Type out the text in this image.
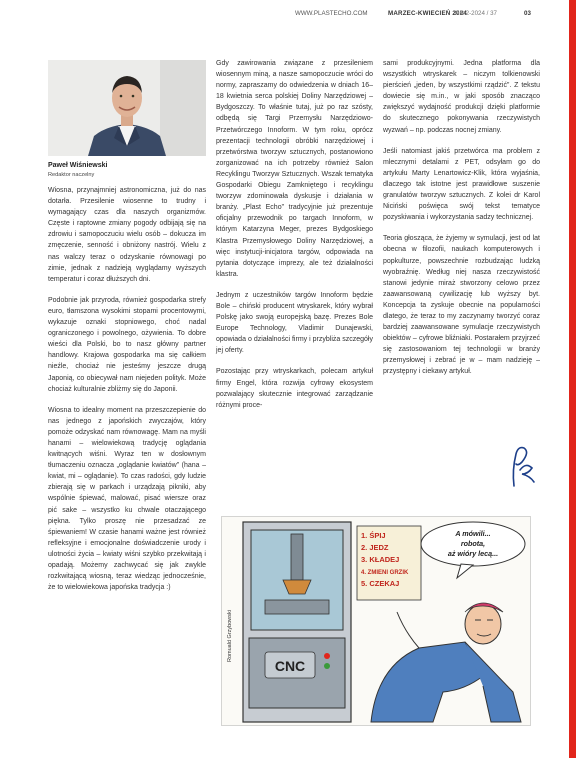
WWW.PLASTECHO.COM	MARZEC-KWIECIEŃ 2024
NR 2-2024 / 37	03
Paweł Wiśniewski
Redaktor naczelny

Wiosna, przynajmniej astronomiczna, już do nas dotarła. Przesilenie wiosenne to trudny i wymagający czas dla naszych organizmów. Częste i raptowne zmiany pogody odbijają się na zdrowiu i samopoczuciu wielu osób – dokucza im zmęczenie, senność i obniżony nastrój. Wielu z nas walczy teraz o odzyskanie równowagi po zimie, jednak z nadzieją wyglądamy wyższych temperatur i coraz dłuższych dni.

Podobnie jak przyroda, również gospodarka strefy euro, tłamszona wysokimi stopami procentowymi, wykazuje oznaki stopniowego, choć nadal ograniczonego i powolnego, ożywienia. To dobre wieści dla Polski, bo to nasz główny partner handlowy. Krajowa gospodarka ma się całkiem nieźle, chociaż nie jesteśmy jeszcze drugą Japonią, co obiecywał nam niejeden polityk. Może chociaż kulturalnie zbliżmy się do Japonii.

Wiosna to idealny moment na przeszczepienie do nas jednego z japońskich zwyczajów, który pomoże odzyskać nam równowagę. Mam na myśli hanami – wielowiekową tradycję oglądania kwitnących wiśni. Wyraz ten w dosłownym tłumaczeniu oznacza „oglądanie kwiatów” (hana – kwiat, mi – oglądanie). To czas radości, gdy ludzie zbierają się w parkach i urządzają pikniki, aby wspólnie śpiewać, malować, pisać wiersze oraz pić sake – wszystko ku chwale otaczającego piękna. Tylko proszę nie przesadzać ze śpiewaniem! W czasie hanami ważne jest również refleksyjne i emocjonalne doświadczenie urody i ulotności życia – kwiaty wiśni szybko przekwitają i opadają. Możemy zachwycać się jak zwykle rozkwitającą wiosną, teraz wiedząc jednocześnie, że to wielowiekowa japońska tradycja :)

Gdy zawirowania związane z przesileniem wiosennym miną, a nasze samopoczucie wróci do normy, zapraszamy do odwiedzenia w dniach 16–18 kwietnia serca polskiej Doliny Narzędziowej – Bydgoszczy. To właśnie tutaj, już po raz szósty, odbędą się Targi Przemysłu Narzędziowo-Przetwórczego Innoform. W tym roku, oprócz prezentacji technologii obróbki narzędziowej i przetwórstwa tworzyw sztucznych, postanowiono zorganizować na ich potrzeby również Salon Recyklingu Tworzyw Sztucznych. Wszak tematyka Gospodarki Obiegu Zamkniętego i recyklingu tworzyw zdominowała dyskusje i działania w branży. „Plast Echo” tradycyjnie już prezentuje oficjalny przewodnik po targach Innoform, w którym Katarzyna Meger, prezes Bydgoskiego Klastra Przemysłowego Doliny Narzędziowej, a więc instytucji-inicjatora targów, odpowiada na pytania dotyczące imprezy, ale też działalności klastra.

Jednym z uczestników targów Innoform będzie Bole – chiński producent wtryskarek, który wybrał Polskę jako swoją europejską bazę. Prezes Bole Europe Technology, Vladimir Dunajewski, opowiada o działalności firmy i przybliża szczegóły jej oferty.

Pozostając przy wtryskarkach, polecam artykuł firmy Engel, która rozwija cyfrowy ekosystem pozwalający skutecznie integrować zarządzanie różnymi proce-

sami produkcyjnymi. Jedna platforma dla wszystkich wtryskarek – niczym tolkienowski pierścień „jeden, by wszystkimi rządzić”. Z tekstu dowiecie się m.in., w jaki sposób znacząco zwiększyć wydajność produkcji dzięki platformie do skutecznego pokonywania rzeczywistych wyzwań – np. podczas nocnej zmiany.

Jeśli natomiast jakiś przetwórca ma problem z mlecznymi detalami z PET, odsyłam go do artykułu Marty Lenartowicz-Klik, która wyjaśnia, dlaczego tak istotne jest prawidłowe suszenie granulatów tworzyw sztucznych. Z kolei dr Karol Niciński poświęca swój tekst tematyce pozyskiwania i wykorzystania sadzy technicznej.

Teoria głosząca, że żyjemy w symulacji, jest od lat obecna w filozofii, naukach komputerowych i popkulturze, powszechnie rozbudzając ludzką wyobraźnię. Według niej nasza rzeczywistość stanowi jedynie miraż stworzony celowo przez zaawansowaną cywilizację lub wyższy byt. Koncepcja ta zyskuje obecnie na popularności dlatego, że teraz to my zaczynamy tworzyć coraz bardziej zaawansowane symulacje rzeczywistych obiektów – cyfrowe bliźniaki. Postarałem przyjrzeć się zastosowaniom tej technologii w branży przemysłowej i zebrać je w – mam nadzieję – przystępny i ciekawy artykuł.

CNC
1. ŚPIJ
2. JEDZ
3. KŁADEJ
4. ZMIENI GRZIK
5. CZEKAJ
A mówili...
robota,
aż wióry lecą...
Romuald Grzybowski
